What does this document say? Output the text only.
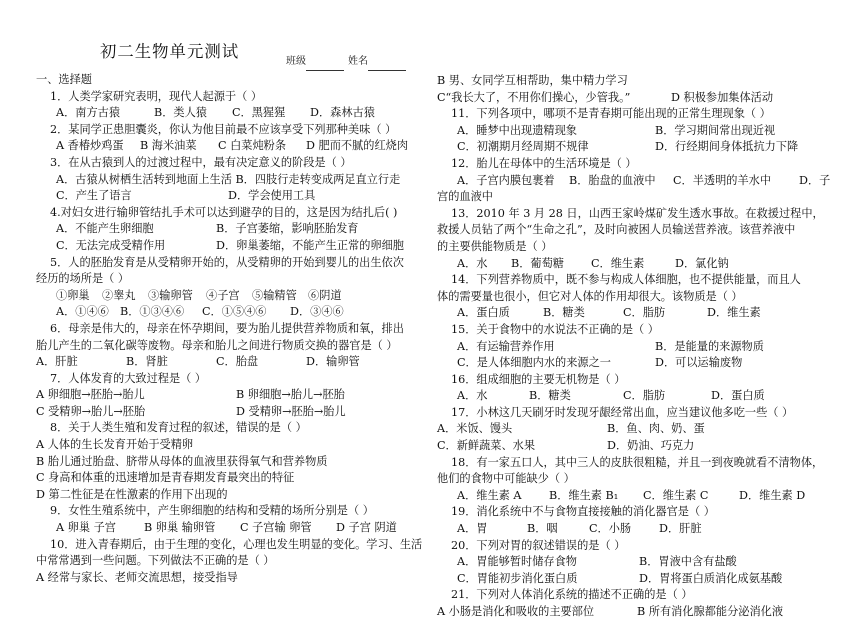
初二生物单元测试
班级	姓名
一、选择题
1．人类学家研究表明，现代人起源于（ ）
A．南方古猿	B．类人猿 C．黑猩猩 D．森林古猿
2．某同学正患胆囊炎，你认为他目前最不应该享受下列那种美味（ ）
A 香椿炒鸡蛋 B 海米油菜 C 白菜炖粉条 D 肥而不腻的红烧肉
3．在从古猿到人的过渡过程中，最有决定意义的阶段是（ ）
A．古猿从树栖生活转到地面上生活 B．四肢行走转变成两足直立行走
C．产生了语言	D．学会使用工具
4.对妇女进行输卵管结扎手术可以达到避孕的目的，这是因为结扎后( )
A．不能产生卵细胞	B．子宫萎缩，影响胚胎发育
C．无法完成受精作用	D．卵巢萎缩，不能产生正常的卵细胞
5．人的胚胎发育是从受精卵开始的，从受精卵的开始到婴儿的出生依次
经历的场所是（ ）
①卵巢 ②睾丸 ③输卵管 ④子宫 ⑤输精管 ⑥阴道
A．①④⑥ B．①③④⑥ C．①⑤④⑥ D．③④⑥
6．母亲是伟大的，母亲在怀孕期间，要为胎儿提供营养物质和氧，排出
胎儿产生的二氧化碳等废物。母亲和胎儿之间进行物质交换的器官是（ ）
A．肝脏	B．肾脏	C．胎盘	D．输卵管
7．人体发育的大致过程是（ ）
A 卵细胞→胚胎→胎儿	B 卵细胞→胎儿→胚胎
C 受精卵→胎儿→胚胎	D 受精卵→胚胎→胎儿
8．关于人类生殖和发育过程的叙述，错误的是（ ）
A 人体的生长发育开始于受精卵
B 胎儿通过胎盘、脐带从母体的血液里获得氧气和营养物质
C 身高和体重的迅速增加是青春期发育最突出的特征
D 第二性征是在性激素的作用下出现的
9．女性生殖系统中，产生卵细胞的结构和受精的场所分别是（ ）
A 卵巢 子宫	B 卵巢 输卵管 C 子宫输 卵管 D 子宫 阴道
10．进入青春期后，由于生理的变化，心理也发生明显的变化。学习、生活
中常常遇到一些问题。下列做法不正确的是（ ）
A 经常与家长、老师交流思想，接受指导
B 男、女同学互相帮助，集中精力学习
C“我长大了，不用你们操心，少管我。”	D 积极参加集体活动
11．下列各项中，哪项不是青春期可能出现的正常生理现象（ ）
A．睡梦中出现遗精现象	B．学习期间常出现近视
C．初潮期月经周期不规律	D．行经期间身体抵抗力下降
12．胎儿在母体中的生活环境是（ ）
A．子宫内膜包裹着 B．胎盘的血液中 C．半透明的羊水中 D．子
宫的血液中
13．2010 年 3 月 28 日，山西王家岭煤矿发生透水事故。在救援过程中，
救援人员钻了两个“生命之孔”，及时向被困人员输送营养液。该营养液中
的主要供能物质是（ ）
A．水 B．葡萄糖 C．维生素	D．氯化钠
14．下列营养物质中，既不参与构成人体细胞，也不提供能量，而且人
体的需要量也很小，但它对人体的作用却很大。该物质是（ ）
A．蛋白质	B．糖类	C．脂肪	D．维生素
15．关于食物中的水说法不正确的是（ ）
A．有运输营养作用	B．是能量的来源物质
C．是人体细胞内水的来源之一	D．可以运输废物
16．组成细胞的主要无机物是（ ）
A．水	B．糖类	C．脂肪	D．蛋白质
17．小林这几天刷牙时发现牙龈经常出血，应当建议他多吃一些（ ）
A．米饭、馒头	B．鱼、肉、奶、蛋
C．新鲜蔬菜、水果	D．奶油、巧克力
18．有一家五口人，其中三人的皮肤很粗糙，并且一到夜晚就看不清物体，
他们的食物中可能缺少（ ）
A．维生素 A B．维生素 B₁ C．维生素 C	D．维生素 D
19．消化系统中不与食物直接接触的消化器官是（ ）
A．胃	B．咽	C．小肠 D．肝脏
20．下列对胃的叙述错误的是（ ）
A．胃能够暂时储存食物	B．胃液中含有盐酸
C．胃能初步消化蛋白质	D．胃将蛋白质消化成氨基酸
21．下列对人体消化系统的描述不正确的是（ ）
A 小肠是消化和吸收的主要部位	B 所有消化腺都能分泌消化液
